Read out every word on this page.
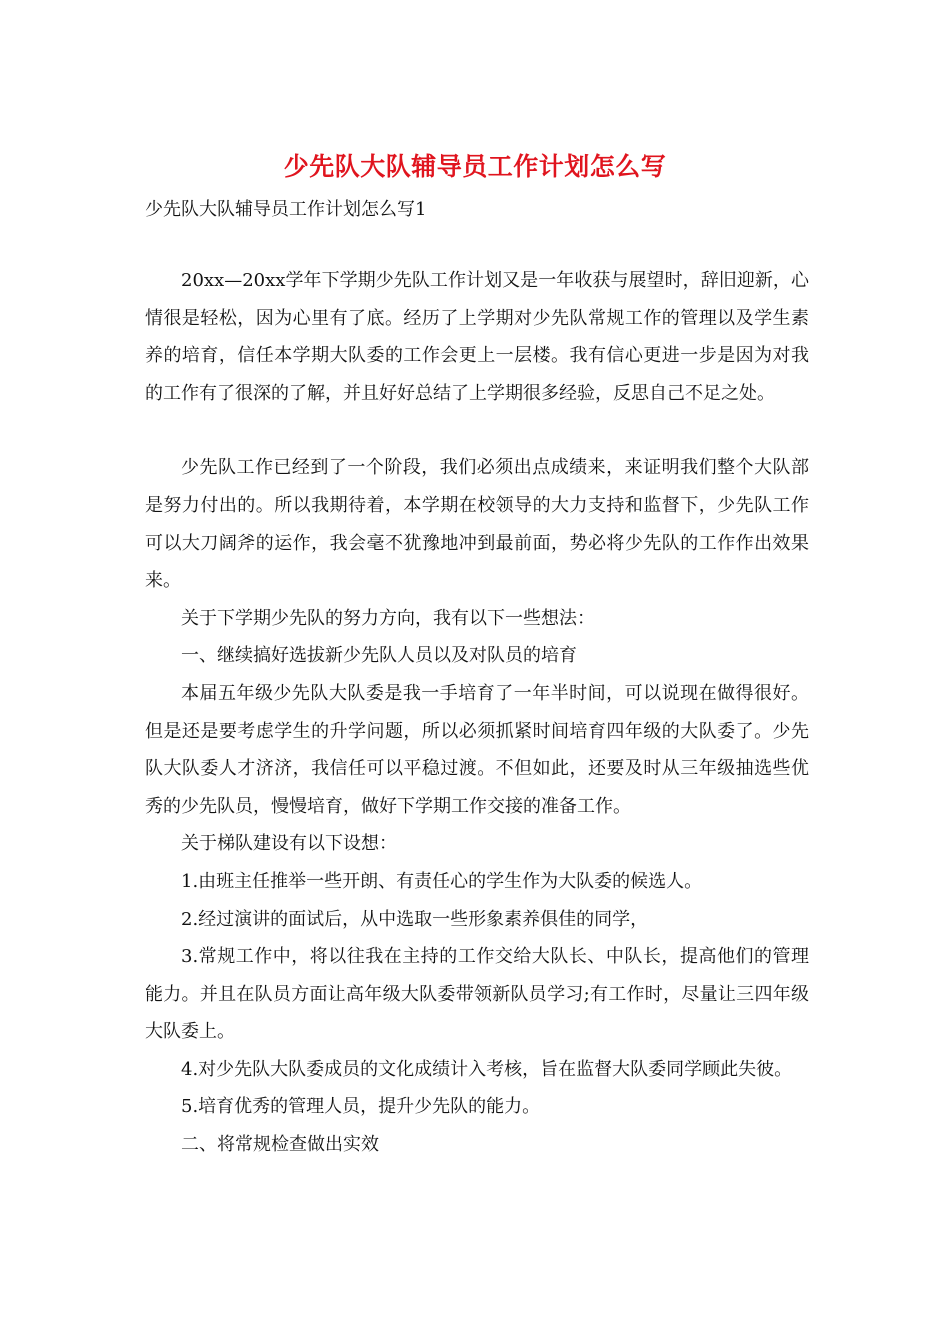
少先队大队辅导员工作计划怎么写
少先队大队辅导员工作计划怎么写1

20xx—20xx学年下学期少先队工作计划又是一年收获与展望时，辞旧迎新，心情很是轻松，因为心里有了底。经历了上学期对少先队常规工作的管理以及学生素养的培育，信任本学期大队委的工作会更上一层楼。我有信心更进一步是因为对我的工作有了很深的了解，并且好好总结了上学期很多经验，反思自己不足之处。

少先队工作已经到了一个阶段，我们必须出点成绩来，来证明我们整个大队部是努力付出的。所以我期待着，本学期在校领导的大力支持和监督下，少先队工作可以大刀阔斧的运作，我会毫不犹豫地冲到最前面，势必将少先队的工作作出效果来。

关于下学期少先队的努力方向，我有以下一些想法：

一、继续搞好选拔新少先队人员以及对队员的培育

本届五年级少先队大队委是我一手培育了一年半时间，可以说现在做得很好。但是还是要考虑学生的升学问题，所以必须抓紧时间培育四年级的大队委了。少先队大队委人才济济，我信任可以平稳过渡。不但如此，还要及时从三年级抽选些优秀的少先队员，慢慢培育，做好下学期工作交接的准备工作。

关于梯队建设有以下设想：

1.由班主任推举一些开朗、有责任心的学生作为大队委的候选人。

2.经过演讲的面试后，从中选取一些形象素养俱佳的同学，

3.常规工作中，将以往我在主持的工作交给大队长、中队长，提高他们的管理能力。并且在队员方面让高年级大队委带领新队员学习;有工作时，尽量让三四年级大队委上。

4.对少先队大队委成员的文化成绩计入考核，旨在监督大队委同学顾此失彼。

5.培育优秀的管理人员，提升少先队的能力。

二、将常规检查做出实效
